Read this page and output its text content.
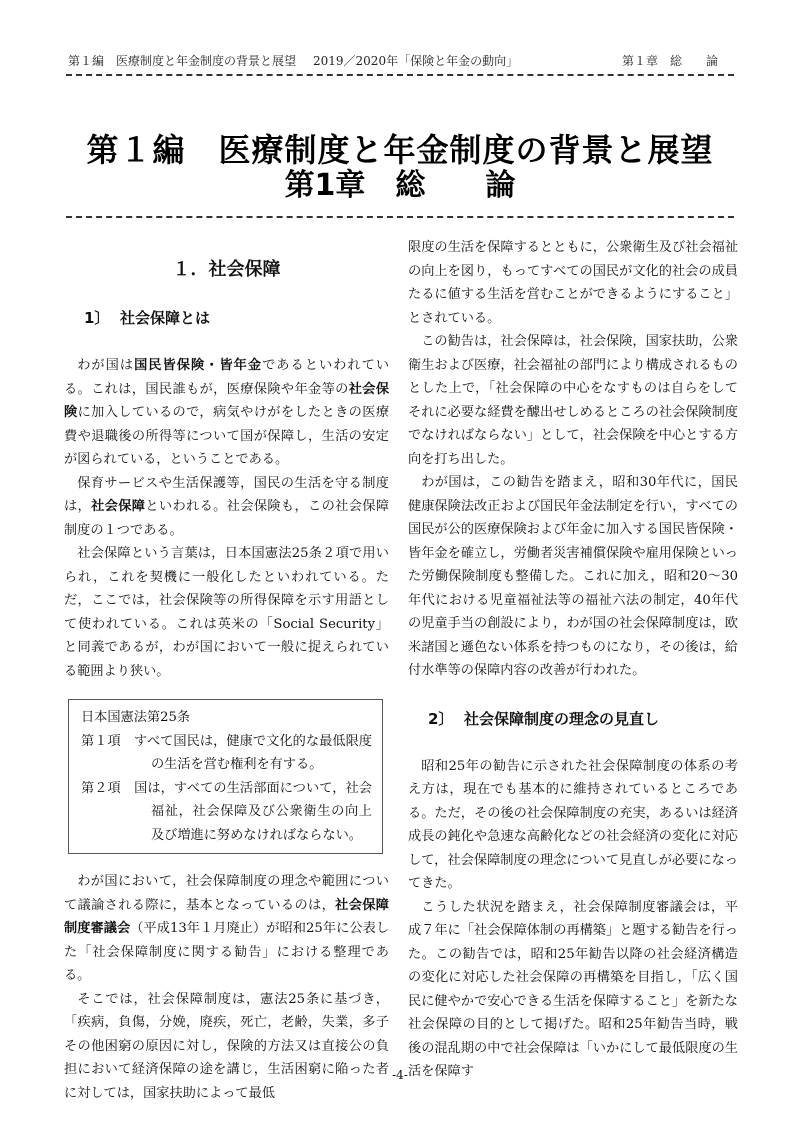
第１編　医療制度と年金制度の背景と展望 2019／2020年「保険と年金の動向」	第１章　総　　論
第１編　医療制度と年金制度の背景と展望
第1章　総　　論
１．社会保障
1〕 社会保障とは

わが国は国民皆保険・皆年金であるといわれている。これは，国民誰もが，医療保険や年金等の社会保険に加入しているので，病気やけがをしたときの医療費や退職後の所得等について国が保障し，生活の安定が図られている，ということである。

保育サービスや生活保護等，国民の生活を守る制度は，社会保障といわれる。社会保険も，この社会保障制度の１つである。

社会保障という言葉は，日本国憲法25条２項で用いられ，これを契機に一般化したといわれている。ただ，ここでは，社会保険等の所得保障を示す用語として使われている。これは英米の「Social Security」と同義であるが，わが国において一般に捉えられている範囲より狭い。

日本国憲法第25条

第１項　すべて国民は，健康で文化的な最低限度の生活を営む権利を有する。

第２項　国は，すべての生活部面について，社会福祉，社会保障及び公衆衛生の向上及び増進に努めなければならない。

わが国において，社会保障制度の理念や範囲について議論される際に，基本となっているのは，社会保障制度審議会（平成13年１月廃止）が昭和25年に公表した「社会保障制度に関する勧告」における整理である。

そこでは，社会保障制度は，憲法25条に基づき，「疾病，負傷，分娩，廃疾，死亡，老齢，失業，多子その他困窮の原因に対し，保険的方法又は直接公の負担において経済保障の途を講じ，生活困窮に陥った者に対しては，国家扶助によって最低

限度の生活を保障するとともに，公衆衛生及び社会福祉の向上を図り，もってすべての国民が文化的社会の成員たるに値する生活を営むことができるようにすること」とされている。

この勧告は，社会保障は，社会保険，国家扶助，公衆衛生および医療，社会福祉の部門により構成されるものとした上で，「社会保障の中心をなすものは自らをしてそれに必要な経費を醵出せしめるところの社会保険制度でなければならない」として，社会保険を中心とする方向を打ち出した。

わが国は，この勧告を踏まえ，昭和30年代に，国民健康保険法改正および国民年金法制定を行い，すべての国民が公的医療保険および年金に加入する国民皆保険・皆年金を確立し，労働者災害補償保険や雇用保険といった労働保険制度も整備した。これに加え，昭和20～30年代における児童福祉法等の福祉六法の制定，40年代の児童手当の創設により，わが国の社会保障制度は，欧米諸国と遜色ない体系を持つものになり，その後は，給付水準等の保障内容の改善が行われた。

2〕 社会保障制度の理念の見直し

昭和25年の勧告に示された社会保障制度の体系の考え方は，現在でも基本的に維持されているところである。ただ，その後の社会保障制度の充実，あるいは経済成長の鈍化や急速な高齢化などの社会経済の変化に対応して，社会保障制度の理念について見直しが必要になってきた。

こうした状況を踏まえ，社会保障制度審議会は，平成７年に「社会保障体制の再構築」と題する勧告を行った。この勧告では，昭和25年勧告以降の社会経済構造の変化に対応した社会保障の再構築を目指し，「広く国民に健やかで安心できる生活を保障すること」を新たな社会保障の目的として掲げた。昭和25年勧告当時，戦後の混乱期の中で社会保障は「いかにして最低限度の生活を保障す

-4-
